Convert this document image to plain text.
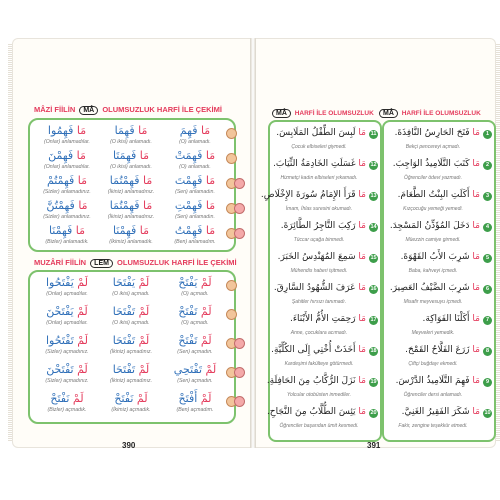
MÂZİ FİİLİN MÂ OLUMSUZLUK HARFİ İLE ÇEKİMİ
مَا فَهِمُوا
(Onlar) anlamadılar.
مَا فَهِمَا
(O ikisi) anlamadı.
مَا فَهِمَ
(O) anlamadı.
مَا فَهِمْنَ
(Onlar) anlamadılar.
مَا فَهِمَتَا
(O ikisi) anlamadı.
مَا فَهِمَتْ
(O) anlamadı.
مَا فَهِمْتُمْ
(Sizler) anlamadınız.
مَا فَهِمْتُمَا
(İkiniz) anlamadınız.
مَا فَهِمْتَ
(Sen) anlamadın.
مَا فَهِمْتُنَّ
(Sizler) anlamadınız.
مَا فَهِمْتُمَا
(İkiniz) anlamadınız.
مَا فَهِمْتِ
(Sen) anlamadın.
مَا فَهِمْنَا
(Bizler) anlamadık.
مَا فَهِمْنَا
(İkimiz) anlamadık.
مَا فَهِمْتُ
(Ben) anlamadım.
MUZÂRİ FİİLİN LEM OLUMSUZLUK HARFİ İLE ÇEKİMİ
لَمْ يَفْتَحُوا
(Onlar) açmadılar.
لَمْ يَفْتَحَا
(O ikisi) açmadı.
لَمْ يَفْتَحْ
(O) açmadı.
لَمْ يَفْتَحْنَ
(Onlar) açmadılar.
لَمْ تَفْتَحَا
(O ikisi) açmadı.
لَمْ تَفْتَحْ
(O) açmadı.
لَمْ تَفْتَحُوا
(Sizler) açmadınız.
لَمْ تَفْتَحَا
(İkiniz) açmadınız.
لَمْ تَفْتَحْ
(Sen) açmadın.
لَمْ تَفْتَحْنَ
(Sizler) açmadınız.
لَمْ تَفْتَحَا
(İkiniz) açmadınız.
لَمْ تَفْتَحِي
(Sen) açmadın.
لَمْ نَفْتَحْ
(Bizler) açmadık.
لَمْ نَفْتَحْ
(İkimiz) açmadık.
لَمْ أَفْتَحْ
(Ben) açmadım.
390
MÂ HARFİ İLE OLUMSUZLUK	MÂ HARFİ İLE OLUMSUZLUK
11
مَا لَبِسَ الطِّفْلُ المَلَابِسَ.
Çocuk elbiseleri giymedi.
12
مَا غَسَلَتِ الخَادِمَةُ الثِّيَابَ.
Hizmetçi kadın elbiseleri yıkamadı.
13
مَا قَرَأَ الإِمَامُ سُورَةَ الإِخْلَاصِ.
İmam, İhlas suresini okumadı.
14
مَا رَكِبَ التَّاجِرُ الطَّائِرَةَ.
Tüccar uçağa binmedi.
15
مَا سَمِعَ المُهَنْدِسُ الخَبَرَ.
Mühendis haberi işitmedi.
16
مَا عَرَفَ الشُّهُودُ السَّارِقَ.
Şahitler hırsızı tanımadı.
17
مَا رَحِمَتِ الأُمُّ الأَبْنَاءَ.
Anne, çocuklara acımadı.
18
مَا أَخَذَتْ أُخْتِي إِلَى الكُلِّيَّةِ.
Kardeşimi fakülteye götürmedi.
19
مَا نَزَلَ الرُّكَّابُ مِنَ الحَافِلَةِ.
Yolcular otobüsten inmediler.
20
مَا يَئِسَ الطُّلَّابُ مِنَ النَّجَاحِ.
Öğrenciler başarıdan ümit kesmedi.
1
مَا فَتَحَ الحَارِسُ النَّافِذَةَ.
Bekçi pencereyi açmadı.
2
مَا كَتَبَ التَّلَامِيذُ الوَاجِبَ.
Öğrenciler ödevi yazmadı.
3
مَا أَكَلَتِ البِنْتُ الطَّعَامَ.
Kızçocuğu yemeği yemedi.
4
مَا دَخَلَ المُؤَذِّنُ المَسْجِدَ.
Müezzin camiye girmedi.
5
مَا شَرِبَ الأَبُ القَهْوَةَ.
Baba, kahveyi içmedi.
6
مَا شَرِبَ الضَّيْفُ العَصِيرَ.
Misafir meyvesuyu içmedi.
7
مَا أَكَلْنَا الفَوَاكِهَ.
Meyveleri yemedik.
8
مَا زَرَعَ الفَلَّاحُ القَمْحَ.
Çiftçi buğdayı ekmedi.
9
مَا فَهِمَ التَّلَامِيذُ الدَّرْسَ.
Öğrenciler dersi anlamadı.
10
مَا شَكَرَ الفَقِيرُ الغَنِيَّ.
Fakir, zengine teşekkür etmedi.
391
